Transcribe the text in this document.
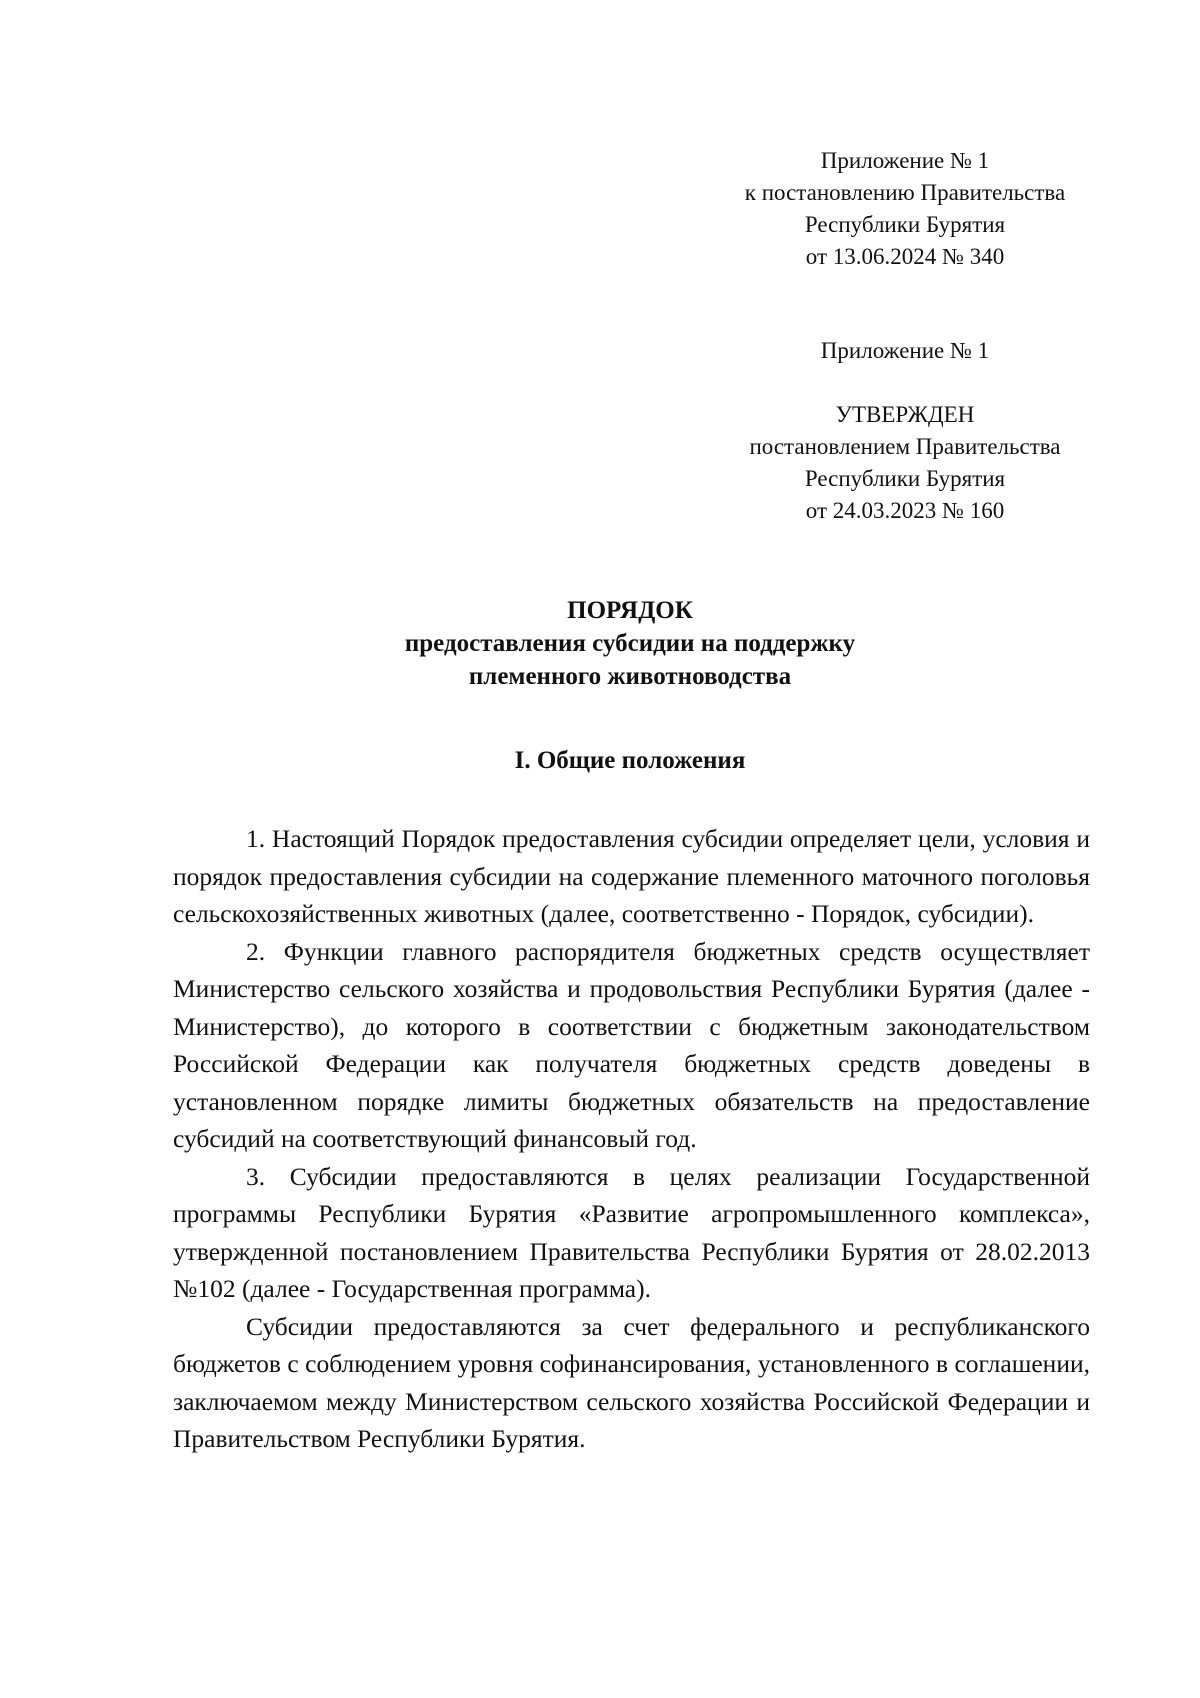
Приложение № 1
к постановлению Правительства
Республики Бурятия
от 13.06.2024 № 340
Приложение № 1
УТВЕРЖДЕН
постановлением Правительства
Республики Бурятия
от 24.03.2023 № 160
ПОРЯДОК
предоставления субсидии на поддержку
племенного животноводства
I. Общие положения

1. Настоящий Порядок предоставления субсидии определяет цели, условия и порядок предоставления субсидии на содержание племенного маточного поголовья сельскохозяйственных животных (далее, соответственно - Порядок, субсидии).

2. Функции главного распорядителя бюджетных средств осуществляет Министерство сельского хозяйства и продовольствия Республики Бурятия (далее - Министерство), до которого в соответствии с бюджетным законодательством Российской Федерации как получателя бюджетных средств доведены в установленном порядке лимиты бюджетных обязательств на предоставление субсидий на соответствующий финансовый год.

3. Субсидии предоставляются в целях реализации Государственной программы Республики Бурятия «Развитие агропромышленного комплекса», утвержденной постановлением Правительства Республики Бурятия от 28.02.2013 №102 (далее - Государственная программа).

Субсидии предоставляются за счет федерального и республиканского бюджетов с соблюдением уровня софинансирования, установленного в соглашении, заключаемом между Министерством сельского хозяйства Российской Федерации и Правительством Республики Бурятия.
